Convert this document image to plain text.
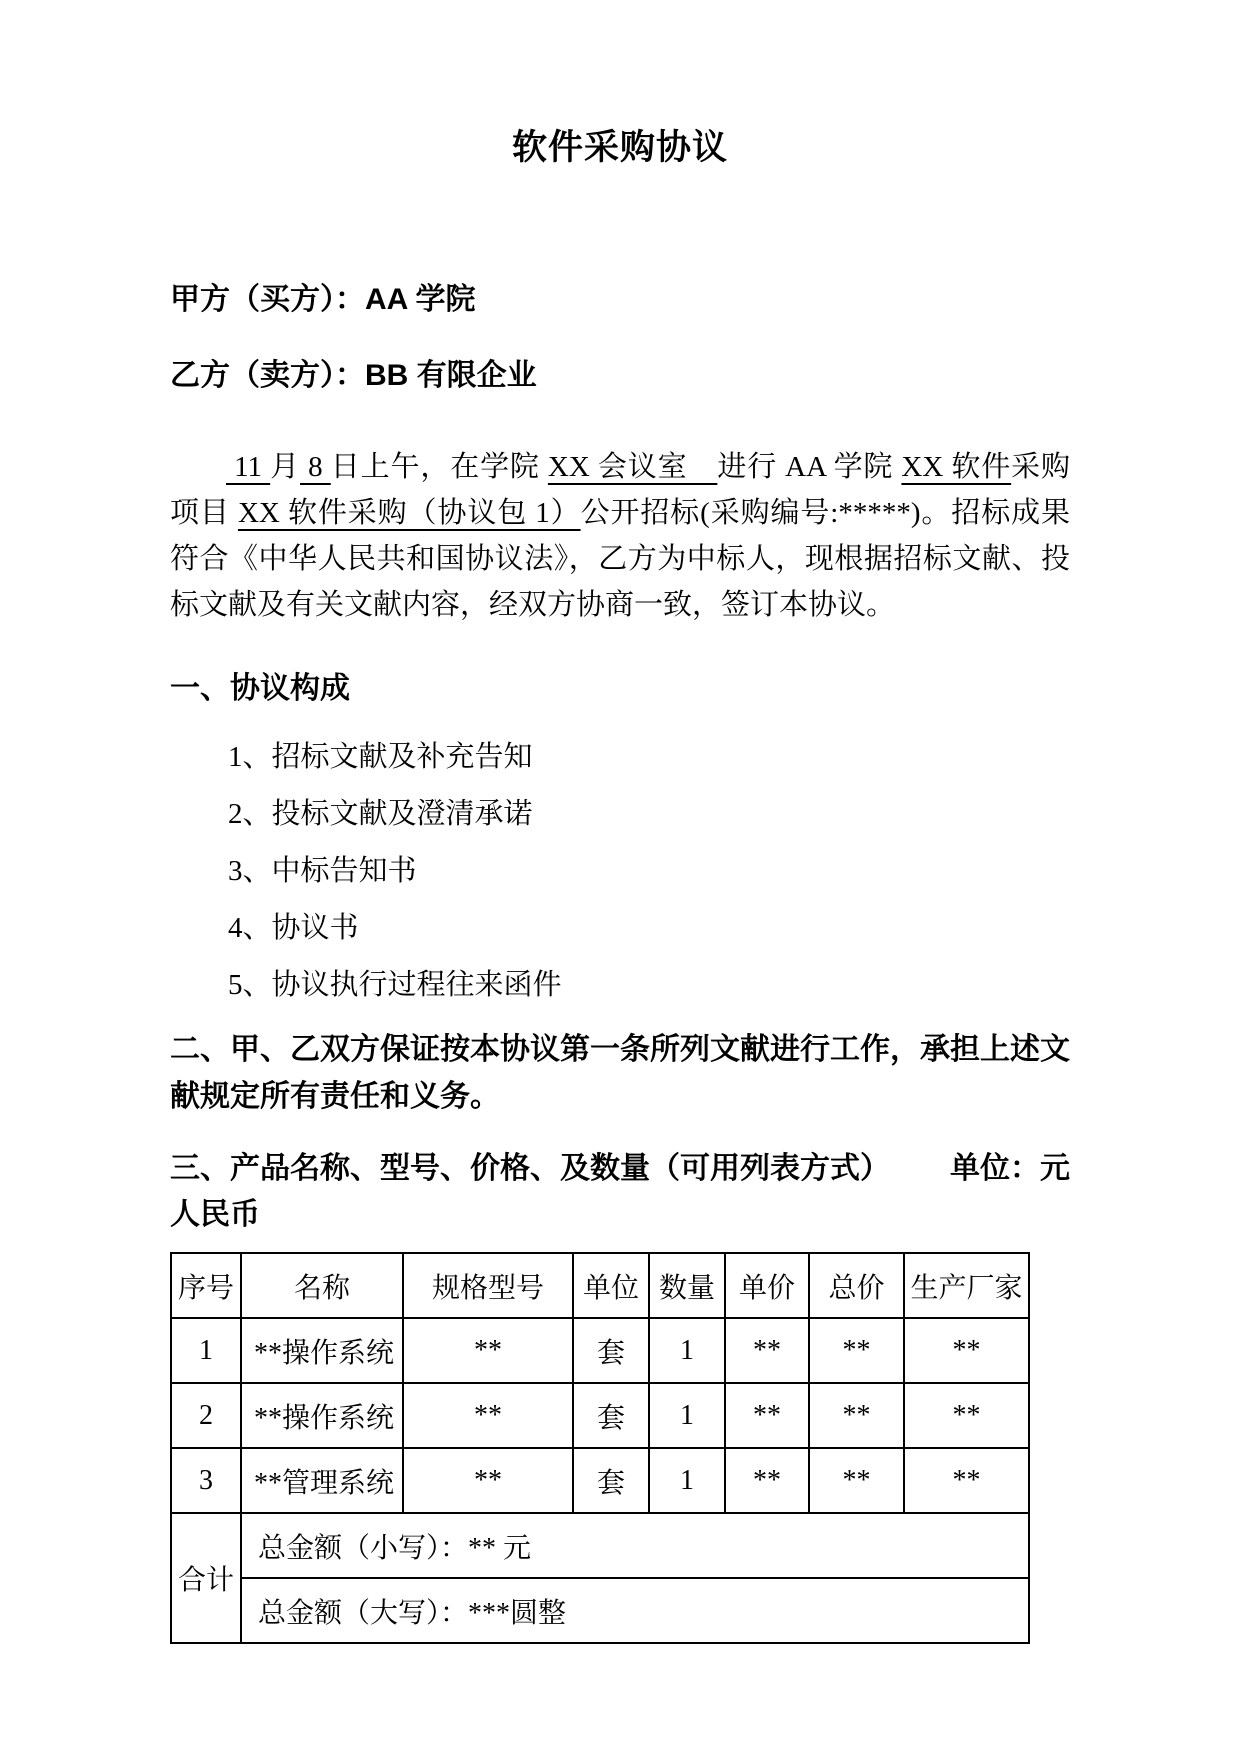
软件采购协议

甲方（买方）：AA 学院

乙方（卖方）：BB 有限企业

11 月 8 日上午，在学院 XX 会议室　进行 AA 学院 XX 软件采购项目 XX 软件采购（协议包 1）公开招标(采购编号:*****)。招标成果符合《中华人民共和国协议法》，乙方为中标人，现根据招标文献、投标文献及有关文献内容，经双方协商一致，签订本协议。

一、协议构成
1、招标文献及补充告知
2、投标文献及澄清承诺
3、中标告知书
4、协议书
5、协议执行过程往来函件

二、甲、乙双方保证按本协议第一条所列文献进行工作，承担上述文献规定所有责任和义务。

三、产品名称、型号、价格、及数量（可用列表方式） 单位：元人民币
序号	名称	规格型号	单位	数量	单价	总价	生产厂家
1	**操作系统	**	套	1	**	**	**
2	**操作系统	**	套	1	**	**	**
3	**管理系统	**	套	1	**	**	**
合计	总金额（小写）：** 元						
	总金额（大写）：***圆整						
